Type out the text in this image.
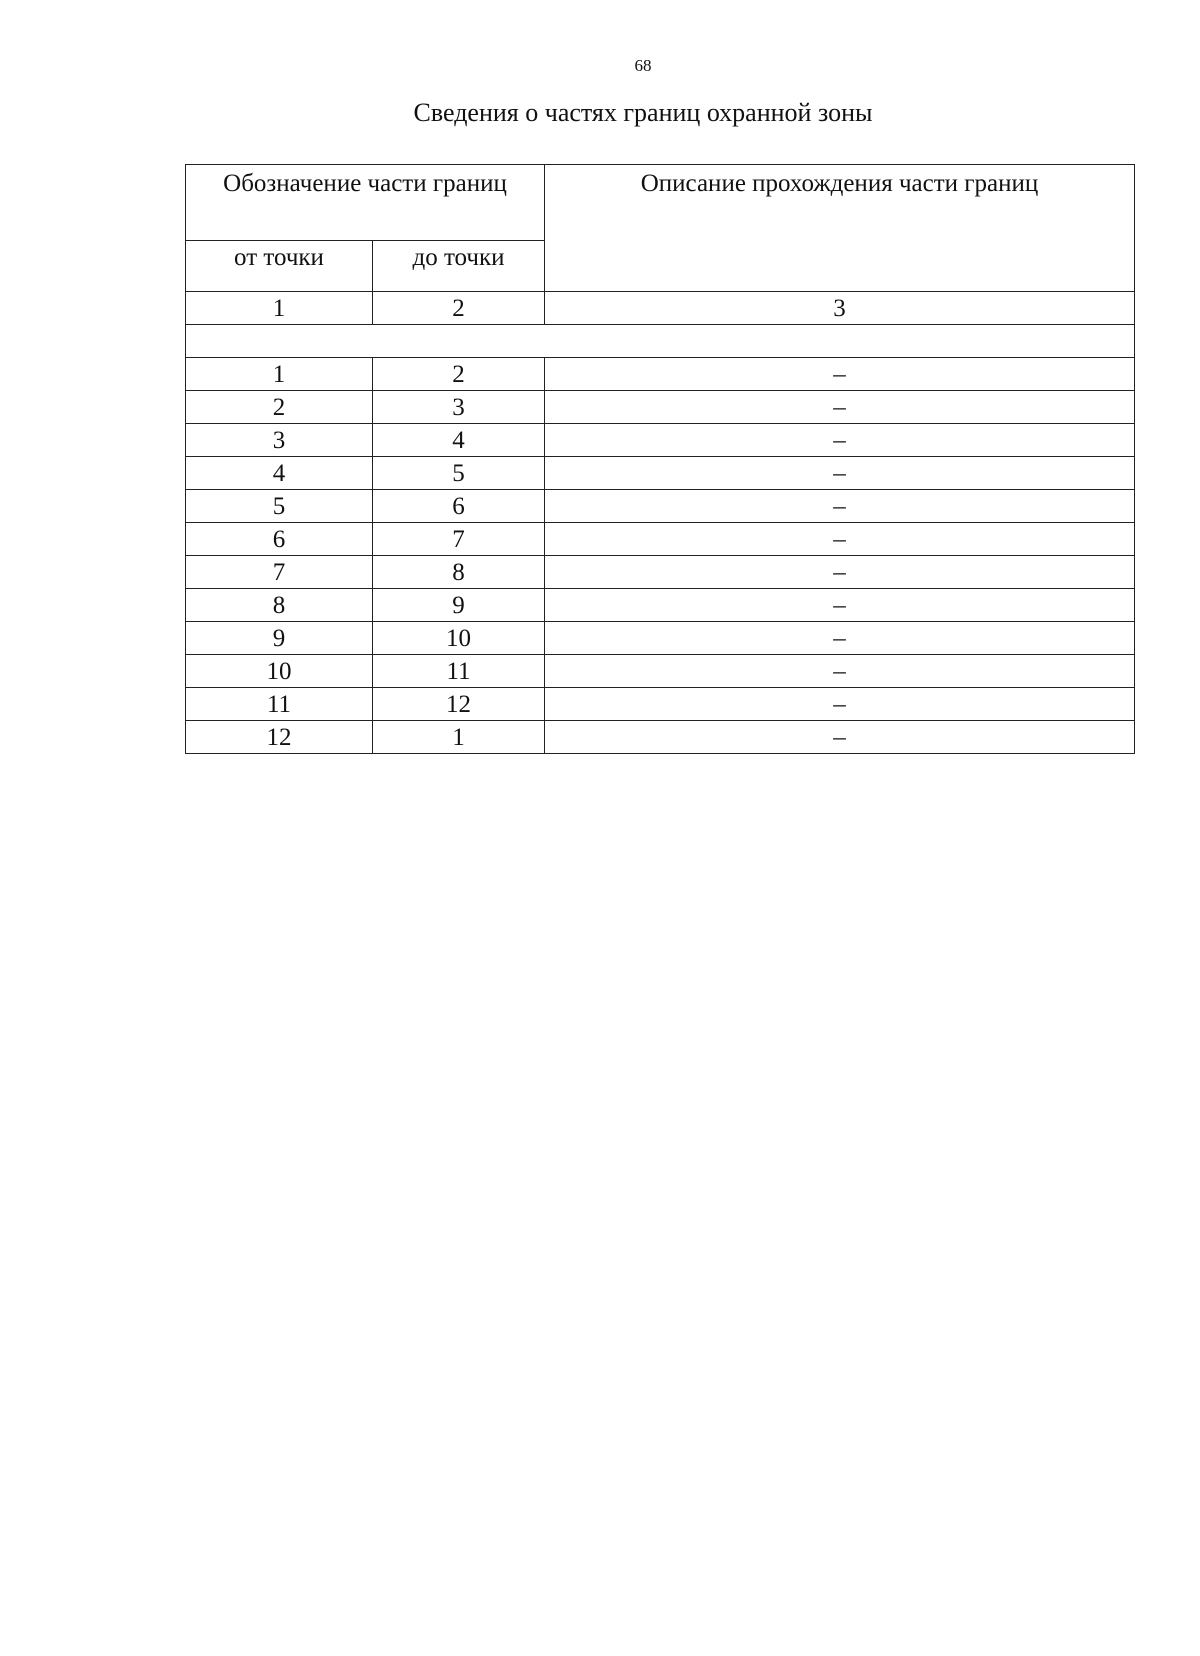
68
Сведения о частях границ охранной зоны
Обозначение части границ		Описание прохождения части границ
от точки	до точки	
1	2	3

1	2	–
2	3	–
3	4	–
4	5	–
5	6	–
6	7	–
7	8	–
8	9	–
9	10	–
10	11	–
11	12	–
12	1	–
